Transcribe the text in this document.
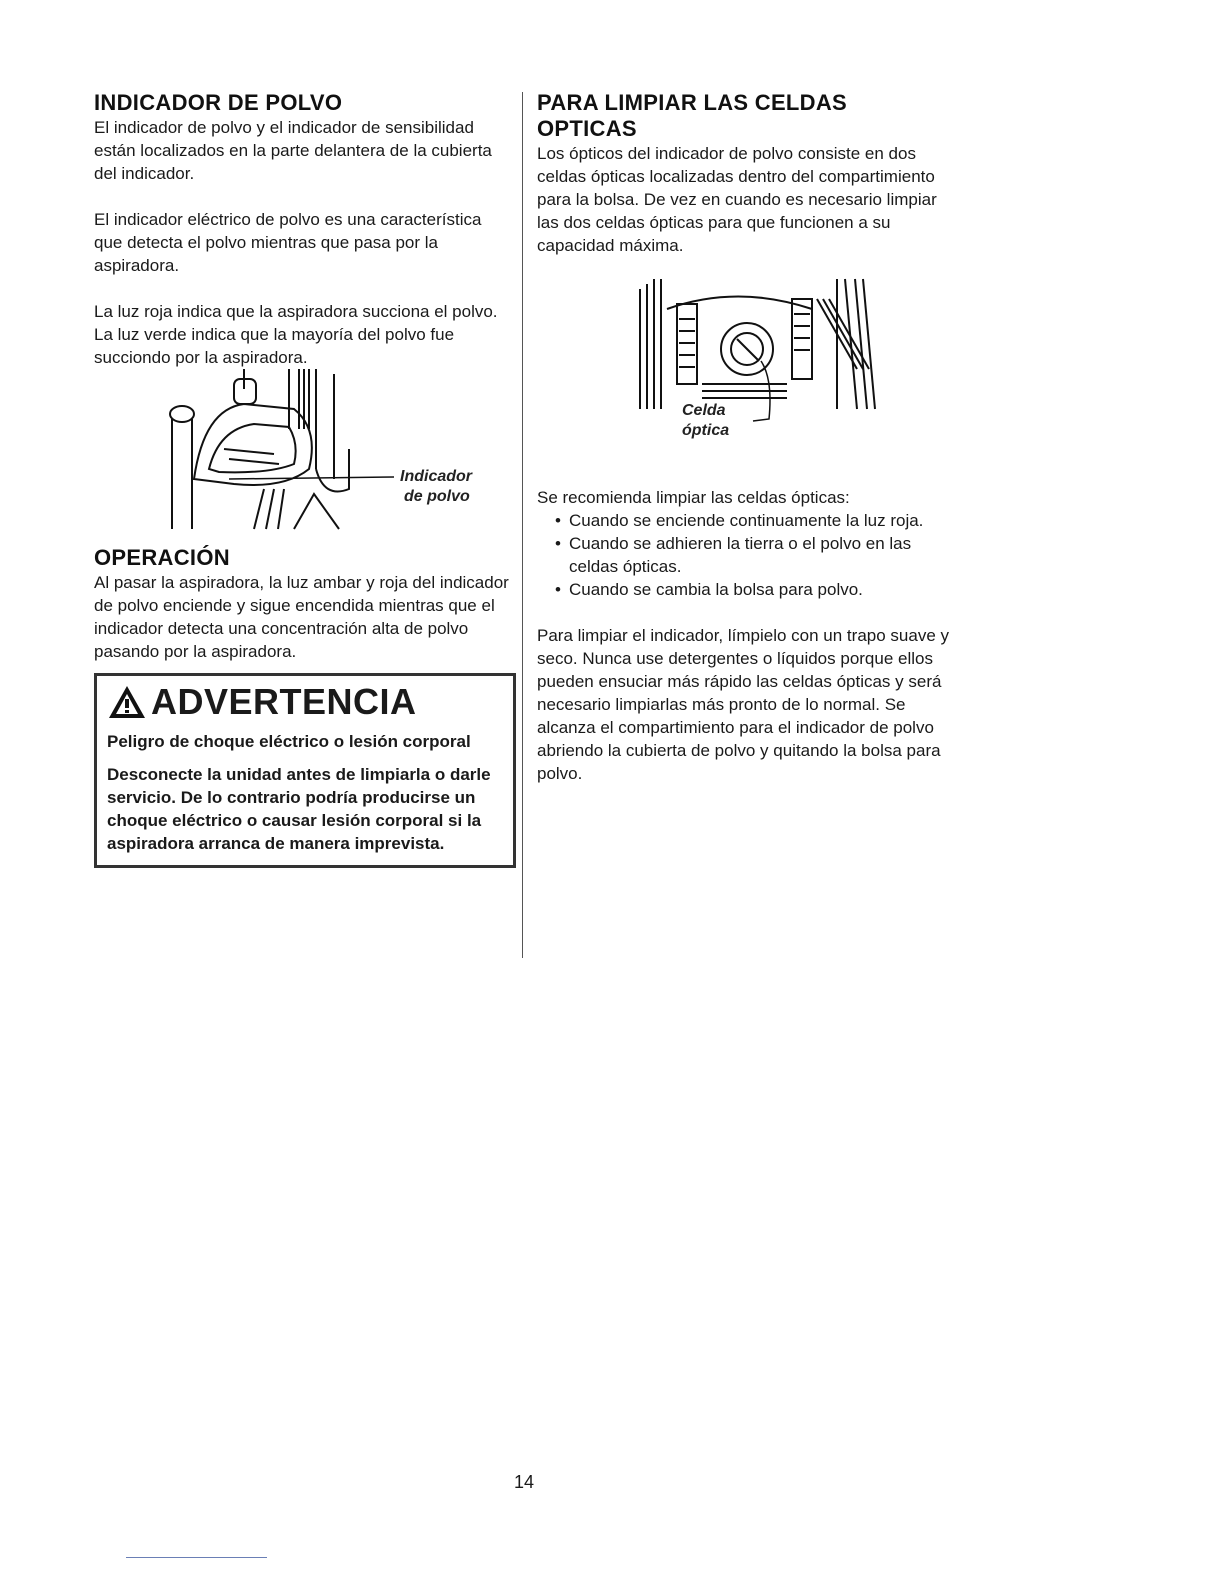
INDICADOR DE POLVO

El indicador de polvo y el indicador de sensibilidad están localizados en la parte delantera de la cubierta del indicador.

El indicador eléctrico de polvo es una característica que detecta el polvo mientras que pasa por la aspiradora.

La luz roja indica que la aspiradora succiona el polvo. La luz verde indica que la mayoría del polvo fue succiondo por la aspiradora.

Indicador
de polvo
OPERACIÓN

Al pasar la aspiradora, la luz ambar y roja del indicador de polvo enciende y sigue encendida mientras que el indicador detecta una concentración alta de polvo pasando por la aspiradora.

ADVERTENCIA

Peligro de choque eléctrico o lesión corporal

Desconecte la unidad antes de limpiarla o darle servicio. De lo contrario podría producirse un choque eléctrico o causar lesión corporal si la aspiradora arranca de manera imprevista.

PARA LIMPIAR LAS CELDAS OPTICAS

Los ópticos del indicador de polvo consiste en dos celdas ópticas localizadas dentro del compartimiento para la bolsa. De vez en cuando es necesario limpiar las dos celdas ópticas para que funcionen a su capacidad máxima.

Celda
óptica

Se recomienda limpiar las celdas ópticas:

• Cuando se enciende continuamente la luz roja.
• Cuando se adhieren la tierra o el polvo en las celdas ópticas.
• Cuando se cambia la bolsa para polvo.

Para limpiar el indicador, límpielo con un trapo suave y seco. Nunca use detergentes o líquidos porque ellos pueden ensuciar más rápido las celdas ópticas y será necesario limpiarlas más pronto de lo normal. Se alcanza el compartimiento para el indicador de polvo abriendo la cubierta de polvo y quitando la bolsa para polvo.

14
